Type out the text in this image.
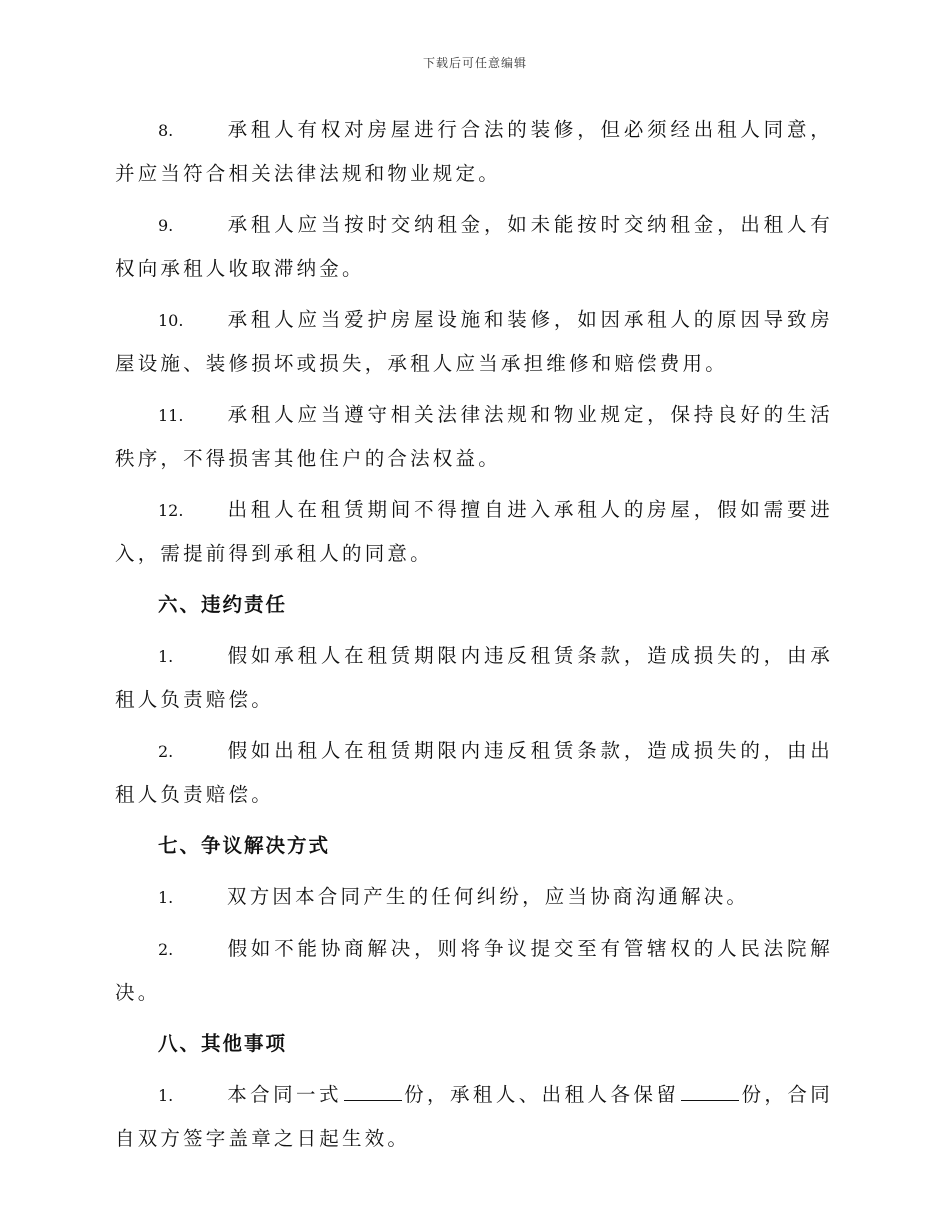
下载后可任意编辑

8.	承租人有权对房屋进行合法的装修，但必须经出租人同意，并应当符合相关法律法规和物业规定。

9.	承租人应当按时交纳租金，如未能按时交纳租金，出租人有权向承租人收取滞纳金。

10. 承租人应当爱护房屋设施和装修，如因承租人的原因导致房屋设施、装修损坏或损失，承租人应当承担维修和赔偿费用。

11. 承租人应当遵守相关法律法规和物业规定，保持良好的生活秩序，不得损害其他住户的合法权益。

12. 出租人在租赁期间不得擅自进入承租人的房屋，假如需要进入，需提前得到承租人的同意。

六、违约责任

1.	假如承租人在租赁期限内违反租赁条款，造成损失的，由承租人负责赔偿。

2.	假如出租人在租赁期限内违反租赁条款，造成损失的，由出租人负责赔偿。

七、争议解决方式

1.	双方因本合同产生的任何纠纷，应当协商沟通解决。

2.	假如不能协商解决，则将争议提交至有管辖权的人民法院解决。

八、其他事项

1.	本合同一式	份，承租人、出租人各保留	份，合同自双方签字盖章之日起生效。
